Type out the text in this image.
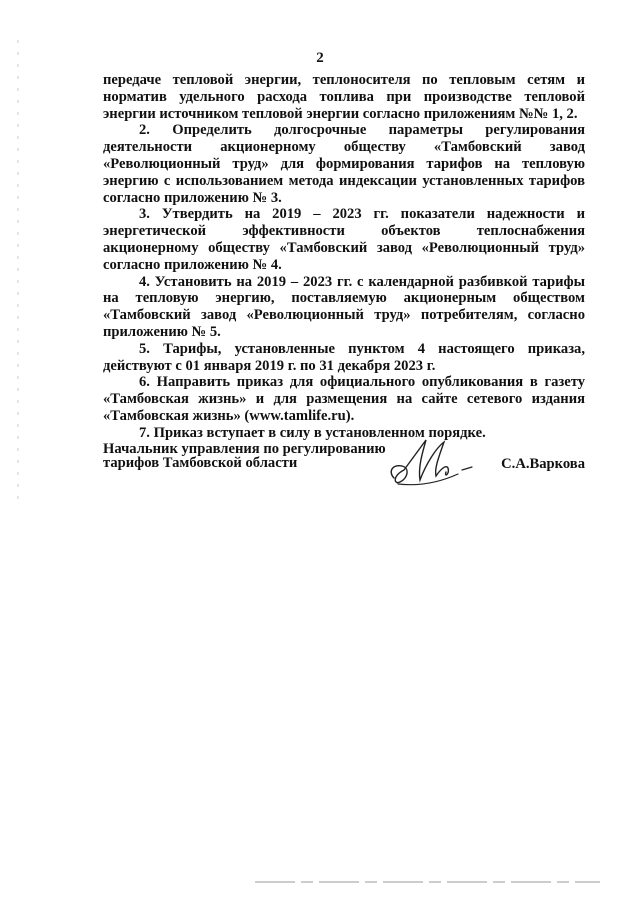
2

передаче тепловой энергии, теплоносителя по тепловым сетям и норматив удельного расхода топлива при производстве тепловой энергии источником тепловой энергии согласно приложениям №№ 1, 2.

2. Определить долгосрочные параметры регулирования деятельности акционерному обществу «Тамбовский завод «Революционный труд» для формирования тарифов на тепловую энергию с использованием метода индексации установленных тарифов согласно приложению № 3.

3. Утвердить на 2019 – 2023 гг. показатели надежности и энергетической эффективности объектов теплоснабжения акционерному обществу «Тамбовский завод «Революционный труд» согласно приложению № 4.

4. Установить на 2019 – 2023 гг. с календарной разбивкой тарифы на тепловую энергию, поставляемую акционерным обществом «Тамбовский завод «Революционный труд» потребителям, согласно приложению № 5.

5. Тарифы, установленные пунктом 4 настоящего приказа, действуют с 01 января 2019 г. по 31 декабря 2023 г.

6. Направить приказ для официального опубликования в газету «Тамбовская жизнь» и для размещения на сайте сетевого издания «Тамбовская жизнь» (www.tamlife.ru).

7. Приказ вступает в силу в установленном порядке.

Начальник управления по регулированию
тарифов Тамбовской области	С.А.Варкова
